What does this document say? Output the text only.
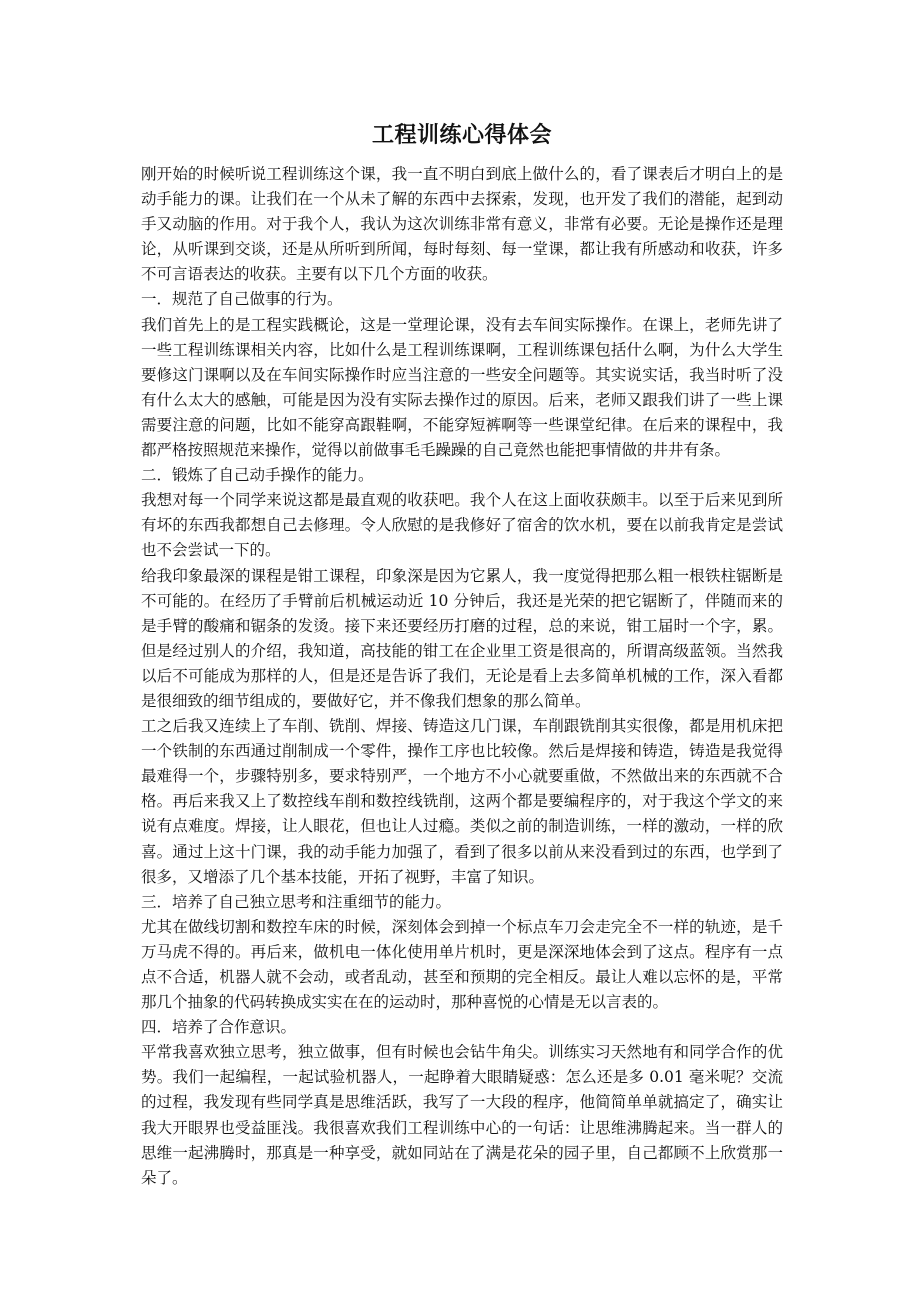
工程训练心得体会

刚开始的时候听说工程训练这个课，我一直不明白到底上做什么的，看了课表后才明白上的是动手能力的课。让我们在一个从未了解的东西中去探索，发现，也开发了我们的潜能，起到动手又动脑的作用。对于我个人，我认为这次训练非常有意义，非常有必要。无论是操作还是理论，从听课到交谈，还是从所听到所闻，每时每刻、每一堂课，都让我有所感动和收获，许多不可言语表达的收获。主要有以下几个方面的收获。

一．规范了自己做事的行为。

我们首先上的是工程实践概论，这是一堂理论课，没有去车间实际操作。在课上，老师先讲了一些工程训练课相关内容，比如什么是工程训练课啊，工程训练课包括什么啊，为什么大学生要修这门课啊以及在车间实际操作时应当注意的一些安全问题等。其实说实话，我当时听了没有什么太大的感触，可能是因为没有实际去操作过的原因。后来，老师又跟我们讲了一些上课需要注意的问题，比如不能穿高跟鞋啊，不能穿短裤啊等一些课堂纪律。在后来的课程中，我都严格按照规范来操作，觉得以前做事毛毛躁躁的自己竟然也能把事情做的井井有条。

二．锻炼了自己动手操作的能力。

我想对每一个同学来说这都是最直观的收获吧。我个人在这上面收获颇丰。以至于后来见到所有坏的东西我都想自己去修理。令人欣慰的是我修好了宿舍的饮水机，要在以前我肯定是尝试也不会尝试一下的。

给我印象最深的课程是钳工课程，印象深是因为它累人，我一度觉得把那么粗一根铁柱锯断是不可能的。在经历了手臂前后机械运动近 10 分钟后，我还是光荣的把它锯断了，伴随而来的是手臂的酸痛和锯条的发烫。接下来还要经历打磨的过程，总的来说，钳工届时一个字，累。但是经过别人的介绍，我知道，高技能的钳工在企业里工资是很高的，所谓高级蓝领。当然我以后不可能成为那样的人，但是还是告诉了我们，无论是看上去多简单机械的工作，深入看都是很细致的细节组成的，要做好它，并不像我们想象的那么简单。

工之后我又连续上了车削、铣削、焊接、铸造这几门课，车削跟铣削其实很像，都是用机床把一个铁制的东西通过削制成一个零件，操作工序也比较像。然后是焊接和铸造，铸造是我觉得最难得一个，步骤特别多，要求特别严，一个地方不小心就要重做，不然做出来的东西就不合格。再后来我又上了数控线车削和数控线铣削，这两个都是要编程序的，对于我这个学文的来说有点难度。焊接，让人眼花，但也让人过瘾。类似之前的制造训练，一样的激动，一样的欣喜。通过上这十门课，我的动手能力加强了，看到了很多以前从来没看到过的东西，也学到了很多，又增添了几个基本技能，开拓了视野，丰富了知识。

三．培养了自己独立思考和注重细节的能力。

尤其在做线切割和数控车床的时候，深刻体会到掉一个标点车刀会走完全不一样的轨迹，是千万马虎不得的。再后来，做机电一体化使用单片机时，更是深深地体会到了这点。程序有一点点不合适，机器人就不会动，或者乱动，甚至和预期的完全相反。最让人难以忘怀的是，平常那几个抽象的代码转换成实实在在的运动时，那种喜悦的心情是无以言表的。

四．培养了合作意识。

平常我喜欢独立思考，独立做事，但有时候也会钻牛角尖。训练实习天然地有和同学合作的优势。我们一起编程，一起试验机器人，一起睁着大眼睛疑惑：怎么还是多 0.01 毫米呢？交流的过程，我发现有些同学真是思维活跃，我写了一大段的程序，他简简单单就搞定了，确实让我大开眼界也受益匪浅。我很喜欢我们工程训练中心的一句话：让思维沸腾起来。当一群人的思维一起沸腾时，那真是一种享受，就如同站在了满是花朵的园子里，自己都顾不上欣赏那一朵了。
